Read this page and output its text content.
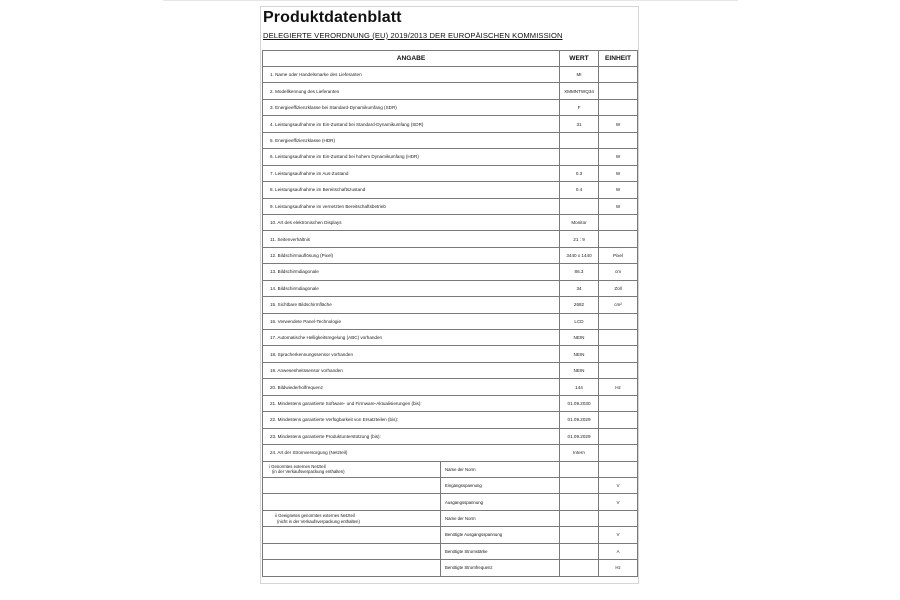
Produktdatenblatt
DELEGIERTE VERORDNUNG (EU) 2019/2013 DER EUROPÄISCHEN KOMMISSION
ANGABE		WERT	EINHEIT
1. Name oder Handelsmarke des Lieferanten		MI	
2. Modellkennung des Lieferanten		XMMNTWQ34	
3. Energieeffizienzklasse bei Standard-Dynamikumfang (SDR)		F	
4. Leistungsaufnahme im Ein-Zustand bei Standard-Dynamikumfang (SDR)		31	W
5. Energieeffizienzklasse (HDR)			
6. Leistungsaufnahme im Ein-Zustand bei hohem Dynamikumfang (HDR)			W
7. Leistungsaufnahme im Aus-Zustand		0.3	W
8. Leistungsaufnahme im Bereitschaftszustand		0.4	W
9. Leistungsaufnahme im vernetzten Bereitschaftsbetrieb			W
10. Art des elektronischen Displays		Monitor	
11. Seitenverhältnis		21 : 9	
12. Bildschirmauflösung (Pixel)		3440 x 1440	Pixel
13. Bildschirmdiagonale		86.3	cm
14. Bildschirmdiagonale		34	Zoll
15. Sichtbare Bildschirmfläche		2682	cm²
16. Verwendete Panel-Technologie		LCD	
17. Automatische Helligkeitsregelung (ABC) vorhanden		NEIN	
18. Spracherkennungssensor vorhanden		NEIN	
19. Anwesenheitssensor vorhanden		NEIN	
20. Bildwiederholfrequenz		144	Hz
21. Mindestens garantierte Software- und Firmware-Aktualisierungen (bis):		01.09.2030	
22. Mindestens garantierte Verfügbarkeit von Ersatzteilen (bis):		01.09.2029	
23. Mindestens garantierte Produktunterstützung (bis):		01.09.2029	
24. Art der Stromversorgung (Netzteil)		Intern	

i Genormtes externes Netzteil
(in der Verkaufsverpackung enthalten)	Name der Norm		
	Eingangsspannung		V
	Ausgangsspannung		V

ii Geeignetes genormtes externes Netzteil
(nicht in der Verkaufsverpackung enthalten)	Name der Norm		
	Benötigte Ausgangsspannung		V
	Benötigte Stromstärke		A
	Benötigte Stromfrequenz		Hz
